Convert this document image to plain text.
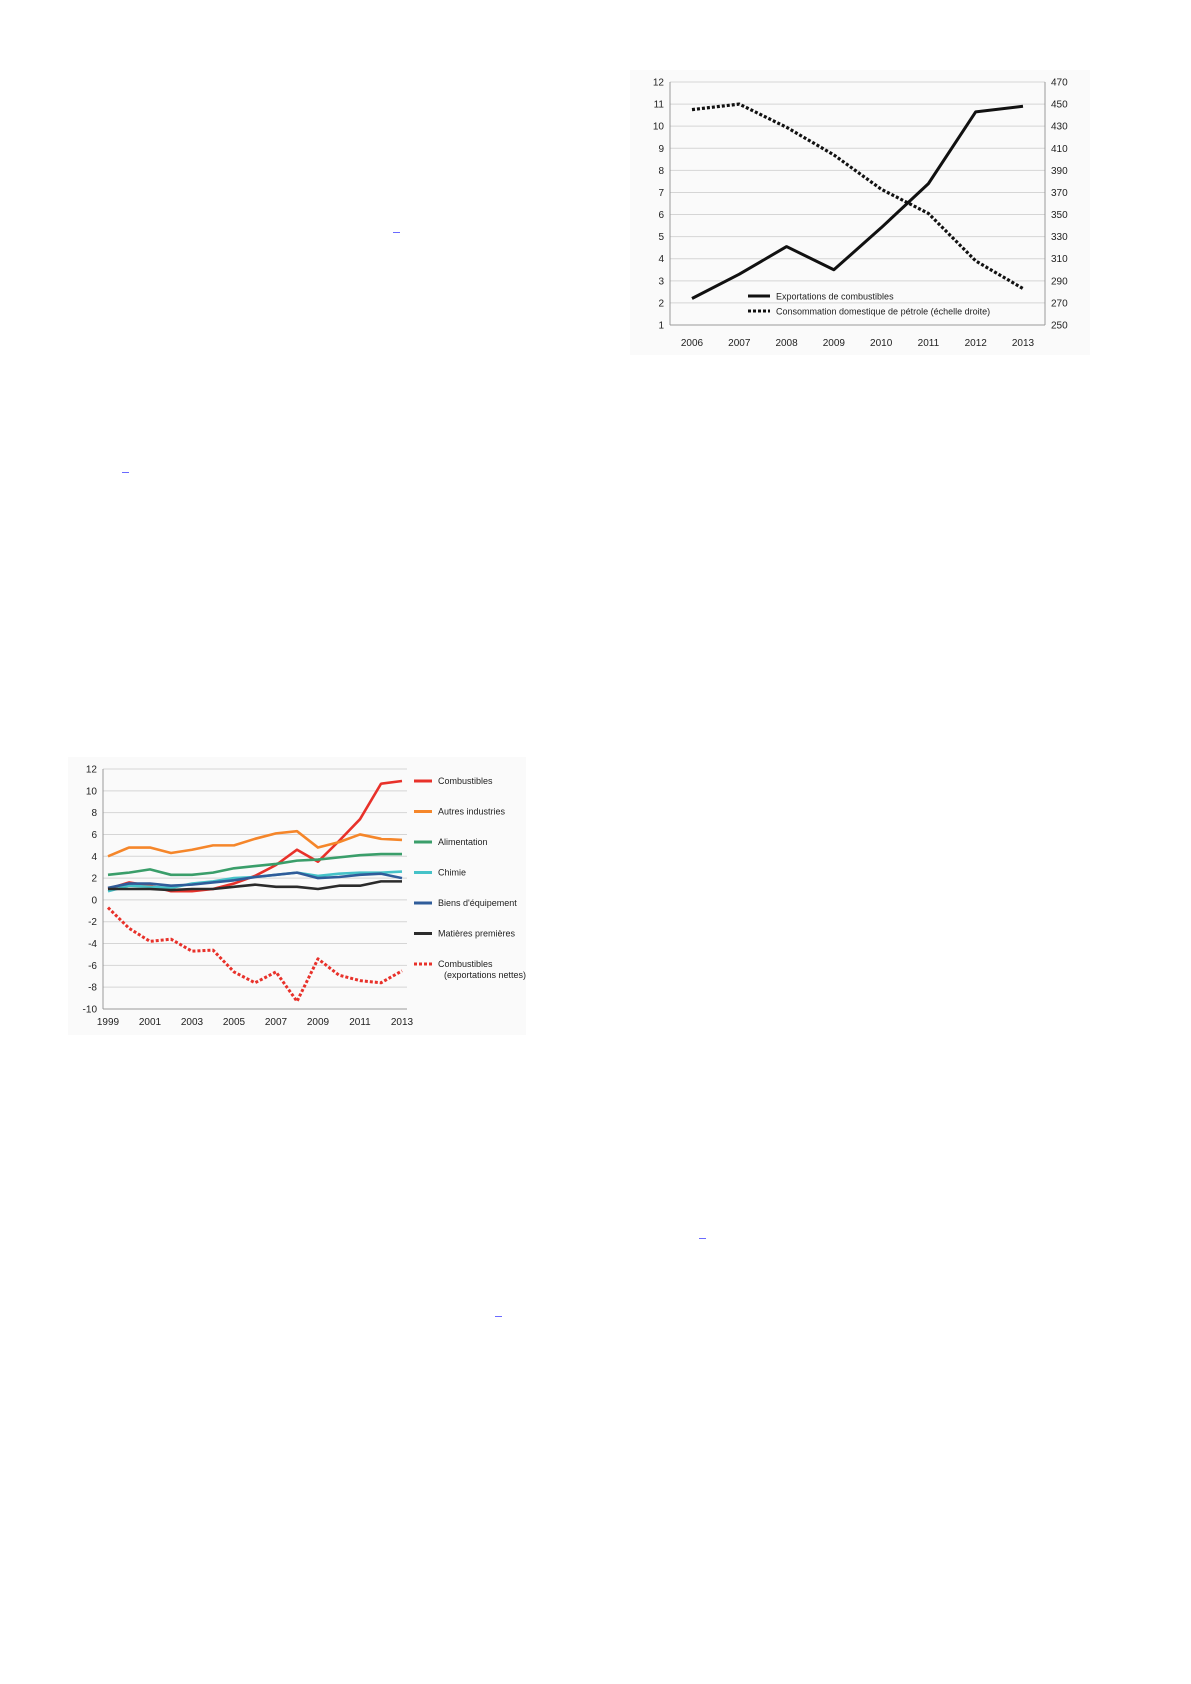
12	470
11	450
10	430
9	410
8	390
7	370
6	350
5	330
4	310
3	290
2	270
1	250
2006	2007	2008	2009	2010	2011	2012	2013
Exportations de combustibles
Consommation domestique de pétrole (échelle droite)
12
10
8
6
4
2
0
-2
-4
-6
-8
-10
1999 2001 2003 2005 2007 2009 2011 2013
Combustibles
Autres industries
Alimentation
Chimie
Biens d'équipement
Matières premières
Combustibles (exportations nettes)
